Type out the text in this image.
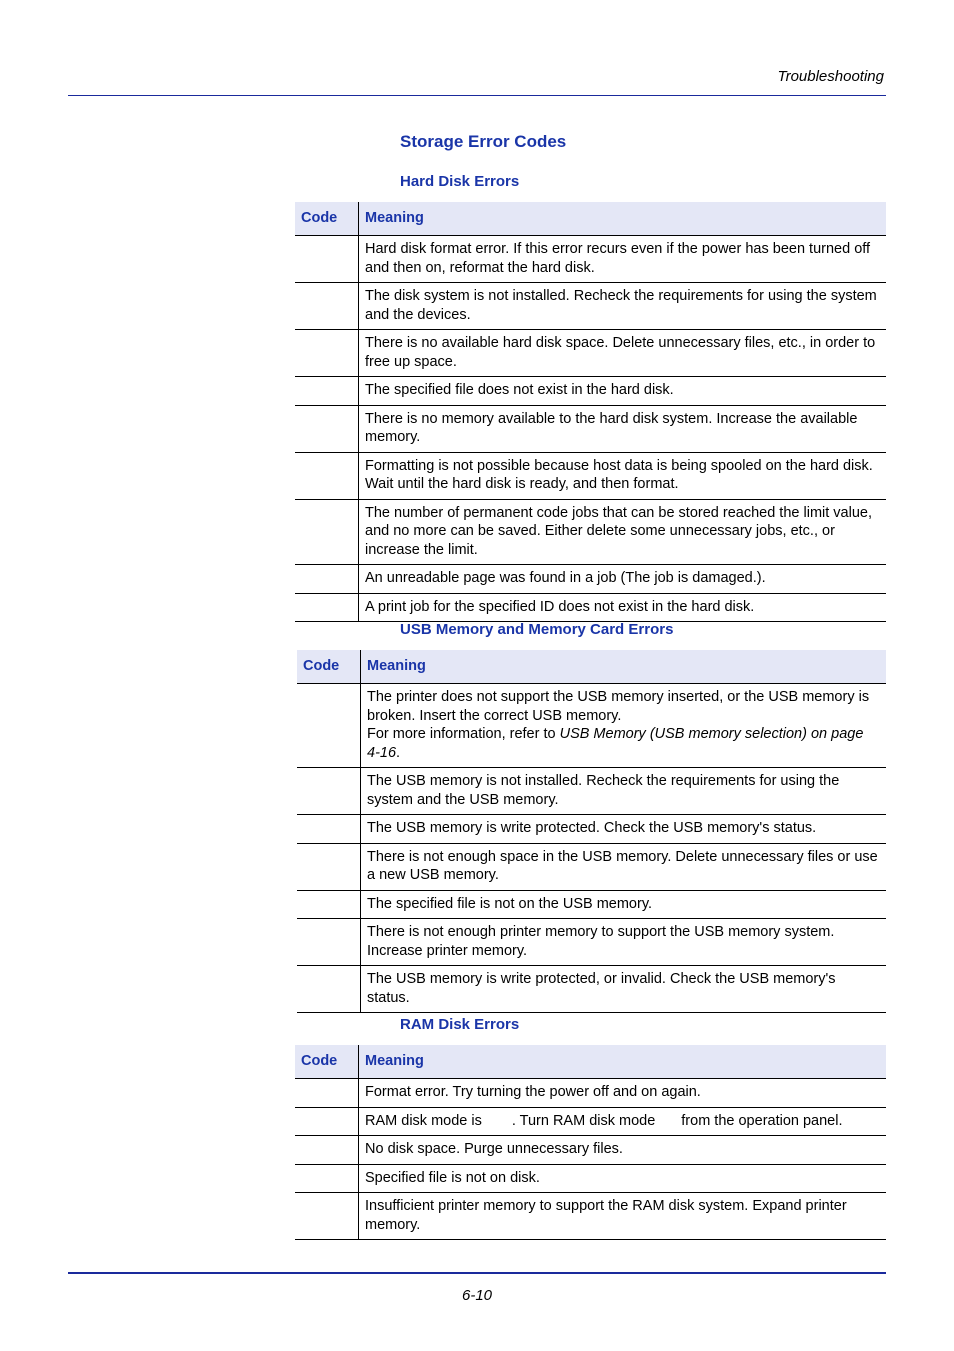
Troubleshooting
Storage Error Codes
Hard Disk Errors
Code	Meaning
	Hard disk format error. If this error recurs even if the power has been turned off and then on, reformat the hard disk.
	The disk system is not installed. Recheck the requirements for using the system and the devices.
	There is no available hard disk space. Delete unnecessary files, etc., in order to free up space.
	The specified file does not exist in the hard disk.
	There is no memory available to the hard disk system. Increase the available memory.
	Formatting is not possible because host data is being spooled on the hard disk. Wait until the hard disk is ready, and then format.
	The number of permanent code jobs that can be stored reached the limit value, and no more can be saved. Either delete some unnecessary jobs, etc., or increase the limit.
	An unreadable page was found in a job (The job is damaged.).
	A print job for the specified ID does not exist in the hard disk.
USB Memory and Memory Card Errors
Code	Meaning
	The printer does not support the USB memory inserted, or the USB memory is broken. Insert the correct USB memory.
For more information, refer to USB Memory (USB memory selection) on page 4-16.
	The USB memory is not installed. Recheck the requirements for using the system and the USB memory.
	The USB memory is write protected. Check the USB memory's status.
	There is not enough space in the USB memory. Delete unnecessary files or use a new USB memory.
	The specified file is not on the USB memory.
	There is not enough printer memory to support the USB memory system. Increase printer memory.
	The USB memory is write protected, or invalid. Check the USB memory's status.
RAM Disk Errors
Code	Meaning
	Format error. Try turning the power off and on again.
	RAM disk mode is . Turn RAM disk mode from the operation panel.
	No disk space. Purge unnecessary files.
	Specified file is not on disk.
	Insufficient printer memory to support the RAM disk system. Expand printer memory.
6-10
